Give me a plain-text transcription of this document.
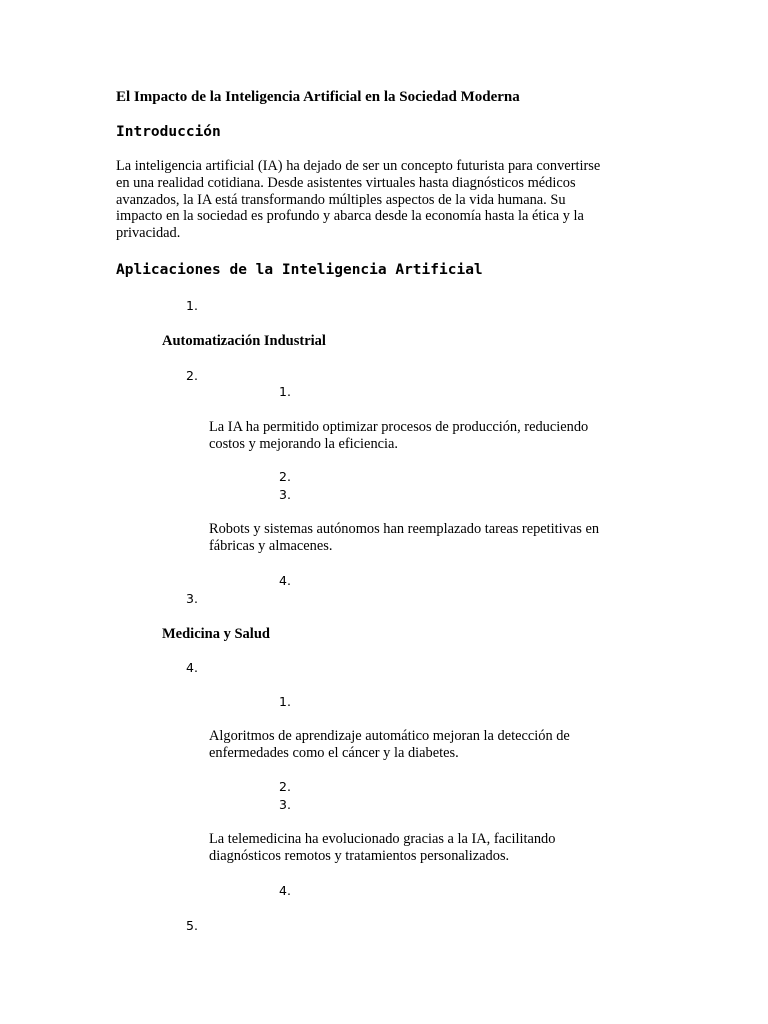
El Impacto de la Inteligencia Artificial en la Sociedad Moderna
Introducción
La inteligencia artificial (IA) ha dejado de ser un concepto futurista para convertirse
en una realidad cotidiana. Desde asistentes virtuales hasta diagnósticos médicos
avanzados, la IA está transformando múltiples aspectos de la vida humana. Su
impacto en la sociedad es profundo y abarca desde la economía hasta la ética y la
privacidad.
Aplicaciones de la Inteligencia Artificial
1.
Automatización Industrial
2.
1.
La IA ha permitido optimizar procesos de producción, reduciendo
costos y mejorando la eficiencia.
2.
3.
Robots y sistemas autónomos han reemplazado tareas repetitivas en
fábricas y almacenes.
4.
3.
Medicina y Salud
4.
1.
Algoritmos de aprendizaje automático mejoran la detección de
enfermedades como el cáncer y la diabetes.
2.
3.
La telemedicina ha evolucionado gracias a la IA, facilitando
diagnósticos remotos y tratamientos personalizados.
4.
5.
